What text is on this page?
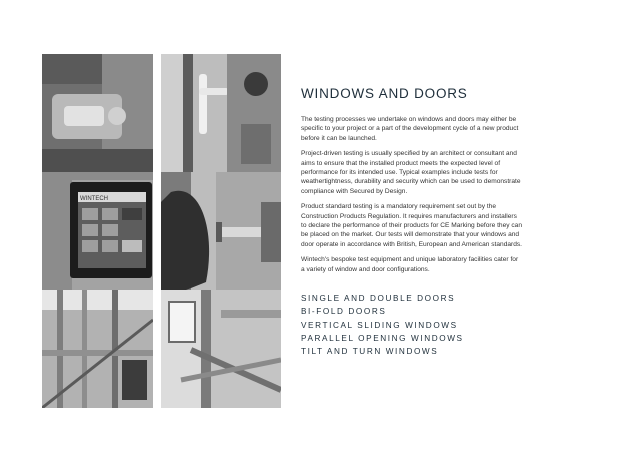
WINTECH
WINDOWS AND DOORS

The testing processes we undertake on windows and doors may either be specific to your project or a part of the development cycle of a new product before it can be launched.

Project-driven testing is usually specified by an architect or consultant and aims to ensure that the installed product meets the expected level of performance for its intended use. Typical examples include tests for weathertightness, durability and security which can be used to demonstrate compliance with Secured by Design.

Product standard testing is a mandatory requirement set out by the Construction Products Regulation. It requires manufacturers and installers to declare the performance of their products for CE Marking before they can be placed on the market. Our tests will demonstrate that your windows and door operate in accordance with British, European and American standards.

Wintech's bespoke test equipment and unique laboratory facilities cater for a variety of window and door configurations.

SINGLE AND DOUBLE DOORS
BI-FOLD DOORS
VERTICAL SLIDING WINDOWS
PARALLEL OPENING WINDOWS
TILT AND TURN WINDOWS
